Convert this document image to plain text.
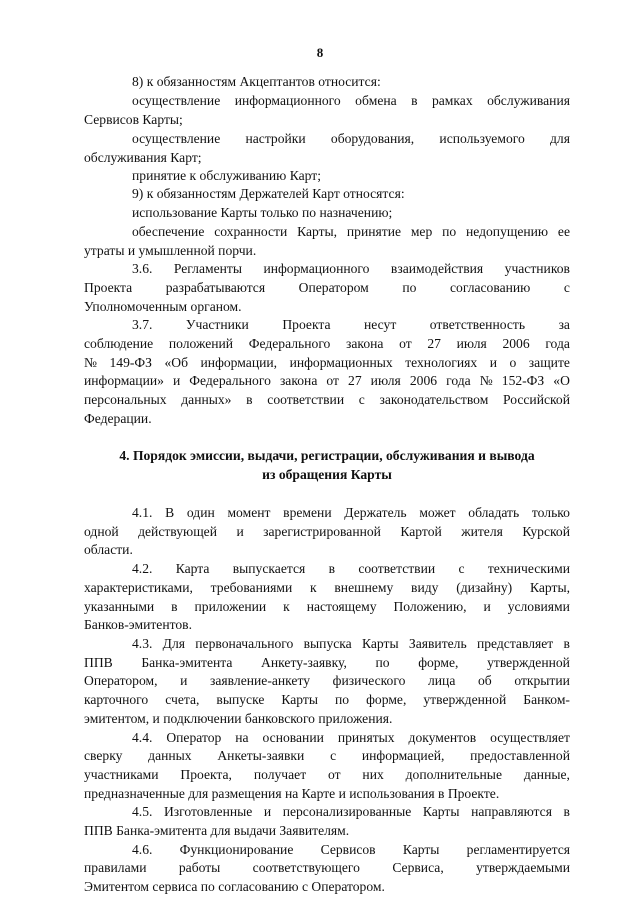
8
8) к обязанностям Акцептантов относится:
осуществление информационного обмена в рамках обслуживания
Сервисов Карты;
осуществление настройки оборудования, используемого для
обслуживания Карт;
принятие к обслуживанию Карт;
9) к обязанностям Держателей Карт относятся:
использование Карты только по назначению;
обеспечение сохранности Карты, принятие мер по недопущению ее
утраты и умышленной порчи.
3.6. Регламенты информационного взаимодействия участников
Проекта разрабатываются Оператором по согласованию с
Уполномоченным органом.
3.7. Участники Проекта несут ответственность за
соблюдение положений Федерального закона от 27 июля 2006 года
№ 149-ФЗ «Об информации, информационных технологиях и о защите
информации» и Федерального закона от 27 июля 2006 года № 152-ФЗ «О
персональных данных» в соответствии с законодательством Российской
Федерации.
4. Порядок эмиссии, выдачи, регистрации, обслуживания и вывода
из обращения Карты
4.1. В один момент времени Держатель может обладать только
одной действующей и зарегистрированной Картой жителя Курской
области.
4.2. Карта выпускается в соответствии с техническими
характеристиками, требованиями к внешнему виду (дизайну) Карты,
указанными в приложении к настоящему Положению, и условиями
Банков-эмитентов.
4.3. Для первоначального выпуска Карты Заявитель представляет в
ППВ Банка-эмитента Анкету-заявку, по форме, утвержденной
Оператором, и заявление-анкету физического лица об открытии
карточного счета, выпуске Карты по форме, утвержденной Банком-
эмитентом, и подключении банковского приложения.
4.4. Оператор на основании принятых документов осуществляет
сверку данных Анкеты-заявки с информацией, предоставленной
участниками Проекта, получает от них дополнительные данные,
предназначенные для размещения на Карте и использования в Проекте.
4.5. Изготовленные и персонализированные Карты направляются в
ППВ Банка-эмитента для выдачи Заявителям.
4.6. Функционирование Сервисов Карты регламентируется
правилами работы соответствующего Сервиса, утверждаемыми
Эмитентом сервиса по согласованию с Оператором.
